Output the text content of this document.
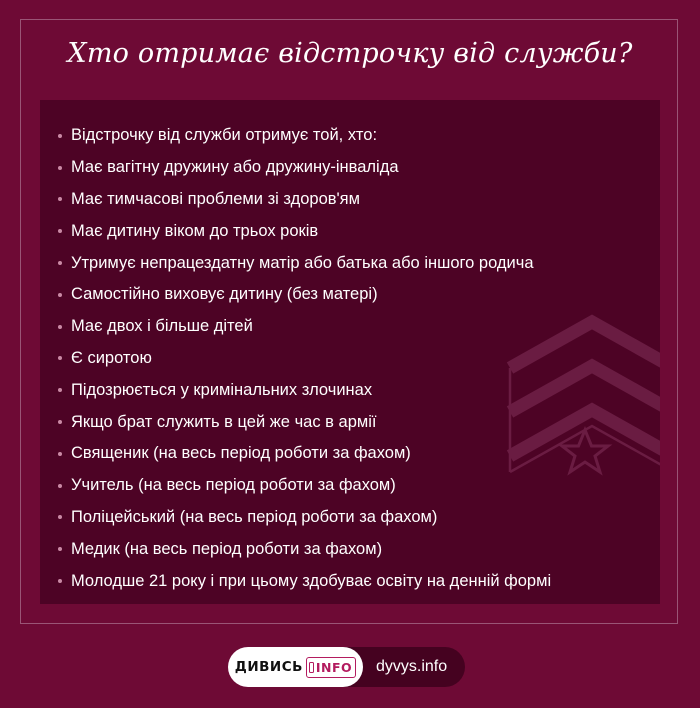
Хто отримає відстрочку від служби?
Відстрочку від служби отримує той, хто:
Має вагітну дружину або дружину-інваліда
Має тимчасові проблеми зі здоров'ям
Має дитину віком до трьох років
Утримує непрацездатну матір або батька або іншого родича
Самостійно виховує дитину (без матері)
Має двох і більше дітей
Є сиротою
Підозрюється у кримінальних злочинах
Якщо брат служить в цей же час в армії
Священик (на весь період роботи за фахом)
Учитель (на весь період роботи за фахом)
Поліцейський (на весь період роботи за фахом)
Медик (на весь період роботи за фахом)
Молодше 21 року і при цьому здобуває освіту на денній формі
ДИВИСЬ INFO	dyvys.info
